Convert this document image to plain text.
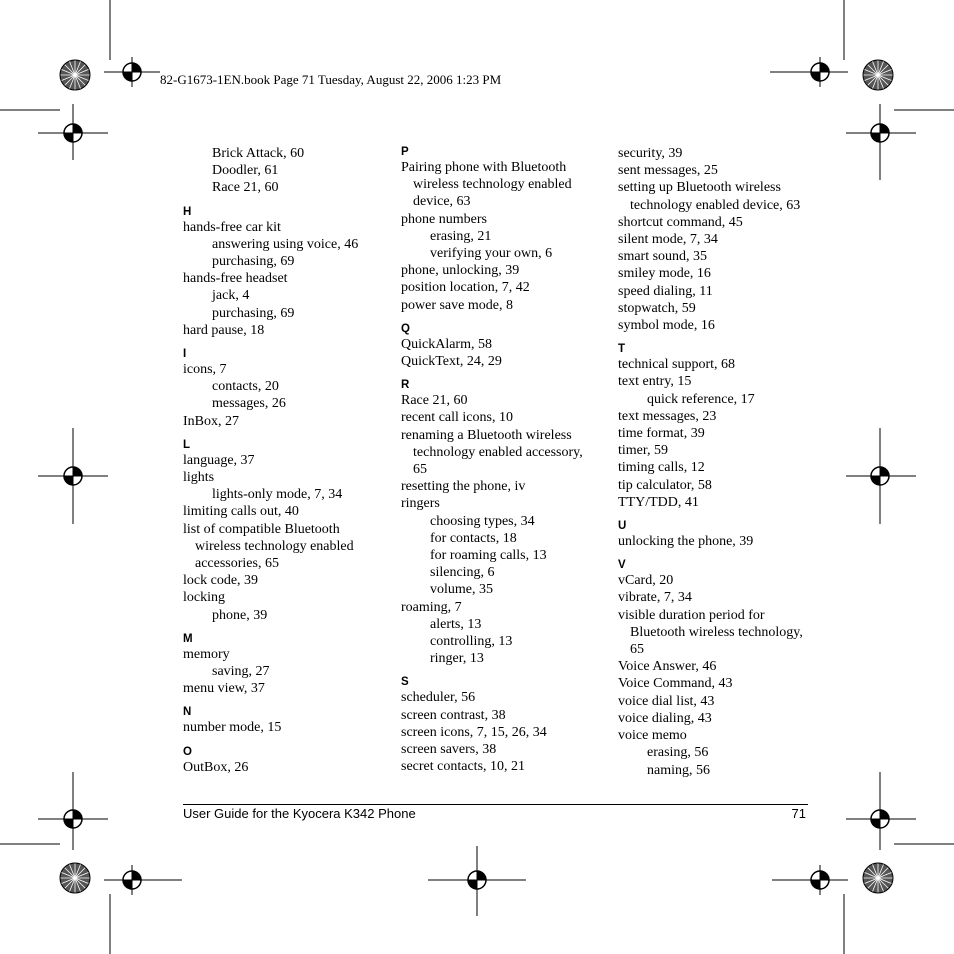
82-G1673-1EN.book Page 71 Tuesday, August 22, 2006 1:23 PM
Brick Attack, 60
Doodler, 61
Race 21, 60
H
hands-free car kit
answering using voice, 46
purchasing, 69
hands-free headset
jack, 4
purchasing, 69
hard pause, 18
I
icons, 7
contacts, 20
messages, 26
InBox, 27
L
language, 37
lights
lights-only mode, 7, 34
limiting calls out, 40
list of compatible Bluetooth
wireless technology enabled
accessories, 65
lock code, 39
locking
phone, 39
M
memory
saving, 27
menu view, 37
N
number mode, 15
O
OutBox, 26
P
Pairing phone with Bluetooth
wireless technology enabled
device, 63
phone numbers
erasing, 21
verifying your own, 6
phone, unlocking, 39
position location, 7, 42
power save mode, 8
Q
QuickAlarm, 58
QuickText, 24, 29
R
Race 21, 60
recent call icons, 10
renaming a Bluetooth wireless
technology enabled accessory,
65
resetting the phone, iv
ringers
choosing types, 34
for contacts, 18
for roaming calls, 13
silencing, 6
volume, 35
roaming, 7
alerts, 13
controlling, 13
ringer, 13
S
scheduler, 56
screen contrast, 38
screen icons, 7, 15, 26, 34
screen savers, 38
secret contacts, 10, 21
security, 39
sent messages, 25
setting up Bluetooth wireless
technology enabled device, 63
shortcut command, 45
silent mode, 7, 34
smart sound, 35
smiley mode, 16
speed dialing, 11
stopwatch, 59
symbol mode, 16
T
technical support, 68
text entry, 15
quick reference, 17
text messages, 23
time format, 39
timer, 59
timing calls, 12
tip calculator, 58
TTY/TDD, 41
U
unlocking the phone, 39
V
vCard, 20
vibrate, 7, 34
visible duration period for
Bluetooth wireless technology,
65
Voice Answer, 46
Voice Command, 43
voice dial list, 43
voice dialing, 43
voice memo
erasing, 56
naming, 56
User Guide for the Kyocera K342 Phone	71
